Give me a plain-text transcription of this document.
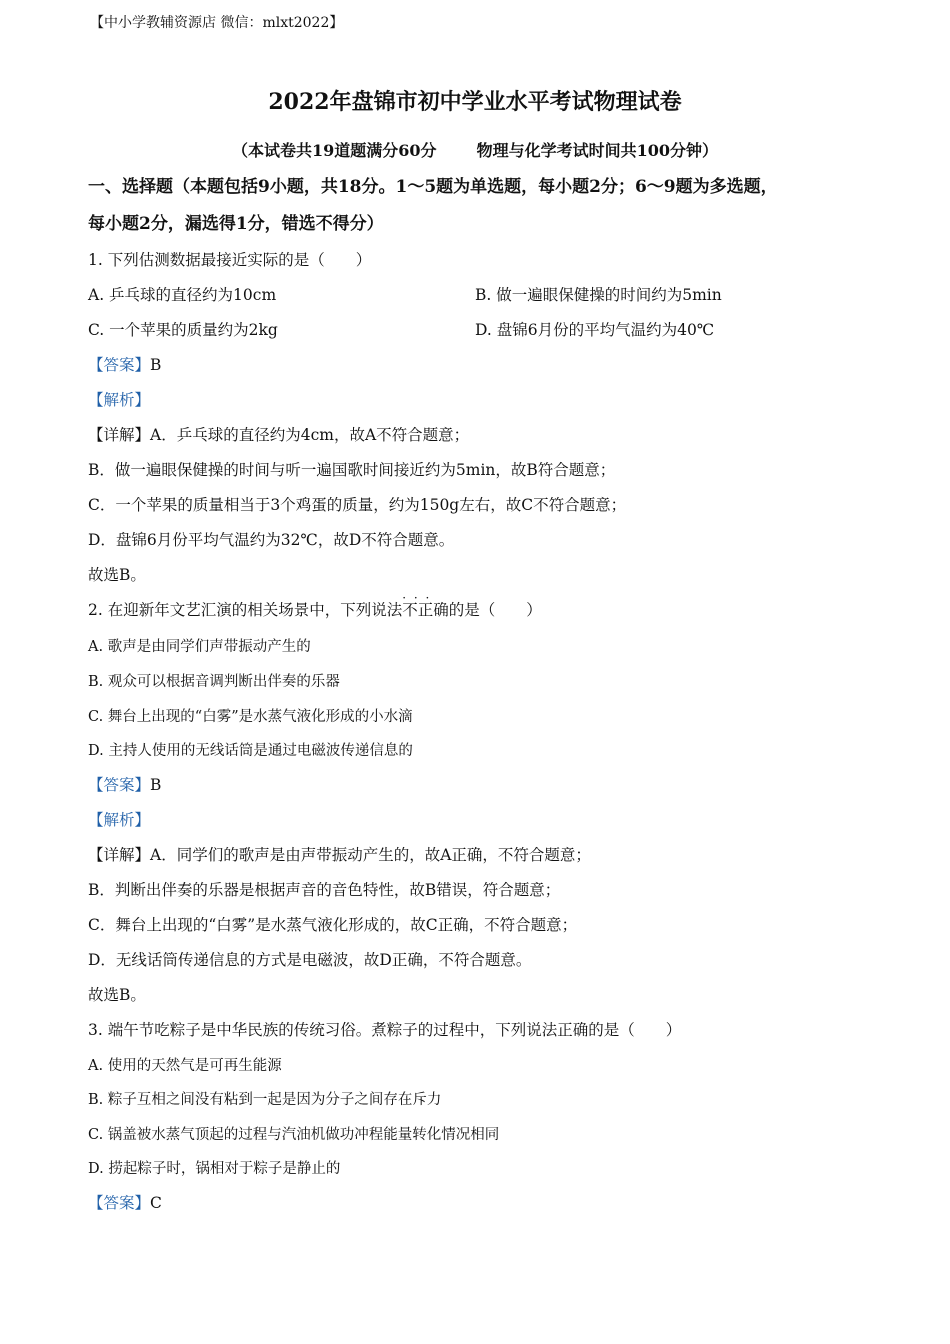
【中小学教辅资源店 微信：mlxt2022】
2022年盘锦市初中学业水平考试物理试卷
（本试卷共19道题满分60分	物理与化学考试时间共100分钟）
一、选择题（本题包括9小题，共18分。1～5题为单选题，每小题2分；6～9题为多选题，
每小题2分，漏选得1分，错选不得分）
1. 下列估测数据最接近实际的是（　　）
A. 乒乓球的直径约为10cm	B. 做一遍眼保健操的时间约为5min
C. 一个苹果的质量约为2kg	D. 盘锦6月份的平均气温约为40℃
【答案】B
【解析】
【详解】A．乒乓球的直径约为4cm，故A不符合题意；
B．做一遍眼保健操的时间与听一遍国歌时间接近约为5min，故B符合题意；
C．一个苹果的质量相当于3个鸡蛋的质量，约为150g左右，故C不符合题意；
D．盘锦6月份平均气温约为32℃，故D不符合题意。
故选B。
2. 在迎新年文艺汇演的相关场景中，下列说法· · · 不正确的是（　　）
A. 歌声是由同学们声带振动产生的
B. 观众可以根据音调判断出伴奏的乐器
C. 舞台上出现的“白雾”是水蒸气液化形成的小水滴
D. 主持人使用的无线话筒是通过电磁波传递信息的
【答案】B
【解析】
【详解】A．同学们的歌声是由声带振动产生的，故A正确，不符合题意；
B．判断出伴奏的乐器是根据声音的音色特性，故B错误，符合题意；
C．舞台上出现的“白雾”是水蒸气液化形成的，故C正确，不符合题意；
D．无线话筒传递信息的方式是电磁波，故D正确，不符合题意。
故选B。
3. 端午节吃粽子是中华民族的传统习俗。煮粽子的过程中，下列说法正确的是（　　）
A. 使用的天然气是可再生能源
B. 粽子互相之间没有粘到一起是因为分子之间存在斥力
C. 锅盖被水蒸气顶起的过程与汽油机做功冲程能量转化情况相同
D. 捞起粽子时，锅相对于粽子是静止的
【答案】C
